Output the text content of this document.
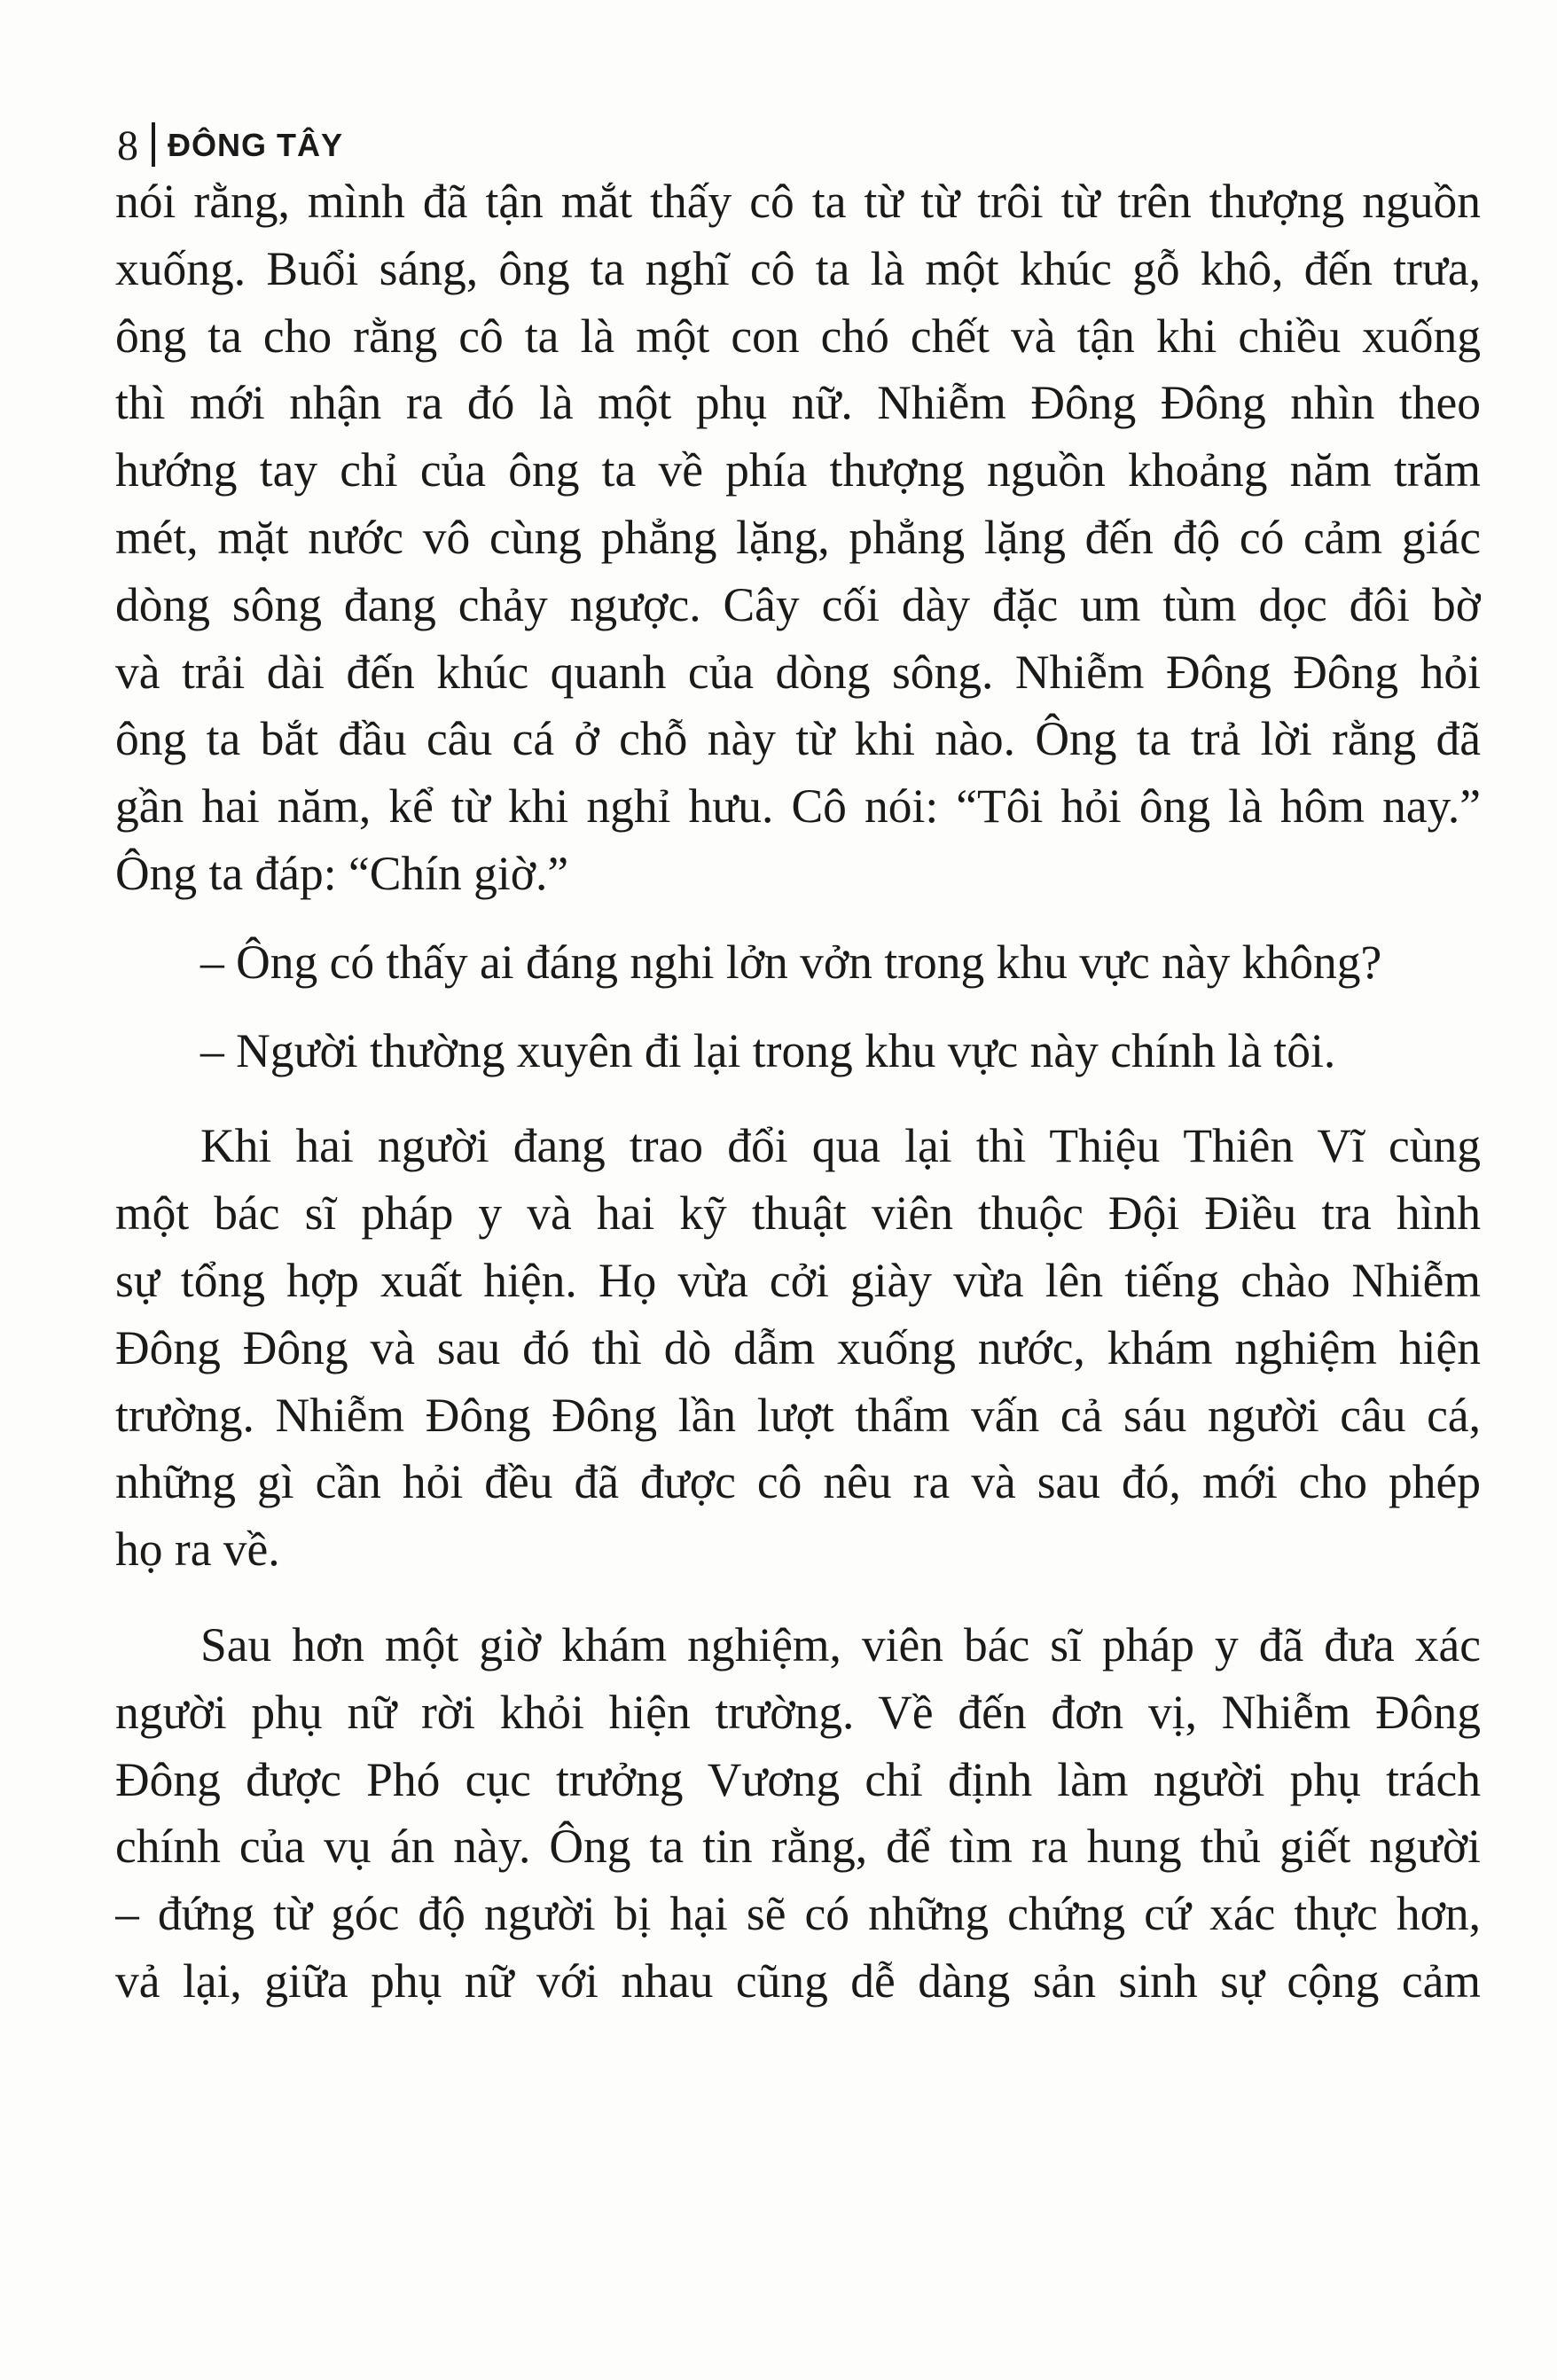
8 ĐÔNG TÂY
nói rằng, mình đã tận mắt thấy cô ta từ từ trôi từ trên thượng nguồn
xuống. Buổi sáng, ông ta nghĩ cô ta là một khúc gỗ khô, đến trưa,
ông ta cho rằng cô ta là một con chó chết và tận khi chiều xuống
thì mới nhận ra đó là một phụ nữ. Nhiễm Đông Đông nhìn theo
hướng tay chỉ của ông ta về phía thượng nguồn khoảng năm trăm
mét, mặt nước vô cùng phẳng lặng, phẳng lặng đến độ có cảm giác
dòng sông đang chảy ngược. Cây cối dày đặc um tùm dọc đôi bờ
và trải dài đến khúc quanh của dòng sông. Nhiễm Đông Đông hỏi
ông ta bắt đầu câu cá ở chỗ này từ khi nào. Ông ta trả lời rằng đã
gần hai năm, kể từ khi nghỉ hưu. Cô nói: “Tôi hỏi ông là hôm nay.”
Ông ta đáp: “Chín giờ.”
– Ông có thấy ai đáng nghi lởn vởn trong khu vực này không?
– Người thường xuyên đi lại trong khu vực này chính là tôi.
Khi hai người đang trao đổi qua lại thì Thiệu Thiên Vĩ cùng
một bác sĩ pháp y và hai kỹ thuật viên thuộc Đội Điều tra hình
sự tổng hợp xuất hiện. Họ vừa cởi giày vừa lên tiếng chào Nhiễm
Đông Đông và sau đó thì dò dẫm xuống nước, khám nghiệm hiện
trường. Nhiễm Đông Đông lần lượt thẩm vấn cả sáu người câu cá,
những gì cần hỏi đều đã được cô nêu ra và sau đó, mới cho phép
họ ra về.
Sau hơn một giờ khám nghiệm, viên bác sĩ pháp y đã đưa xác
người phụ nữ rời khỏi hiện trường. Về đến đơn vị, Nhiễm Đông
Đông được Phó cục trưởng Vương chỉ định làm người phụ trách
chính của vụ án này. Ông ta tin rằng, để tìm ra hung thủ giết người
– đứng từ góc độ người bị hại sẽ có những chứng cứ xác thực hơn,
vả lại, giữa phụ nữ với nhau cũng dễ dàng sản sinh sự cộng cảm
